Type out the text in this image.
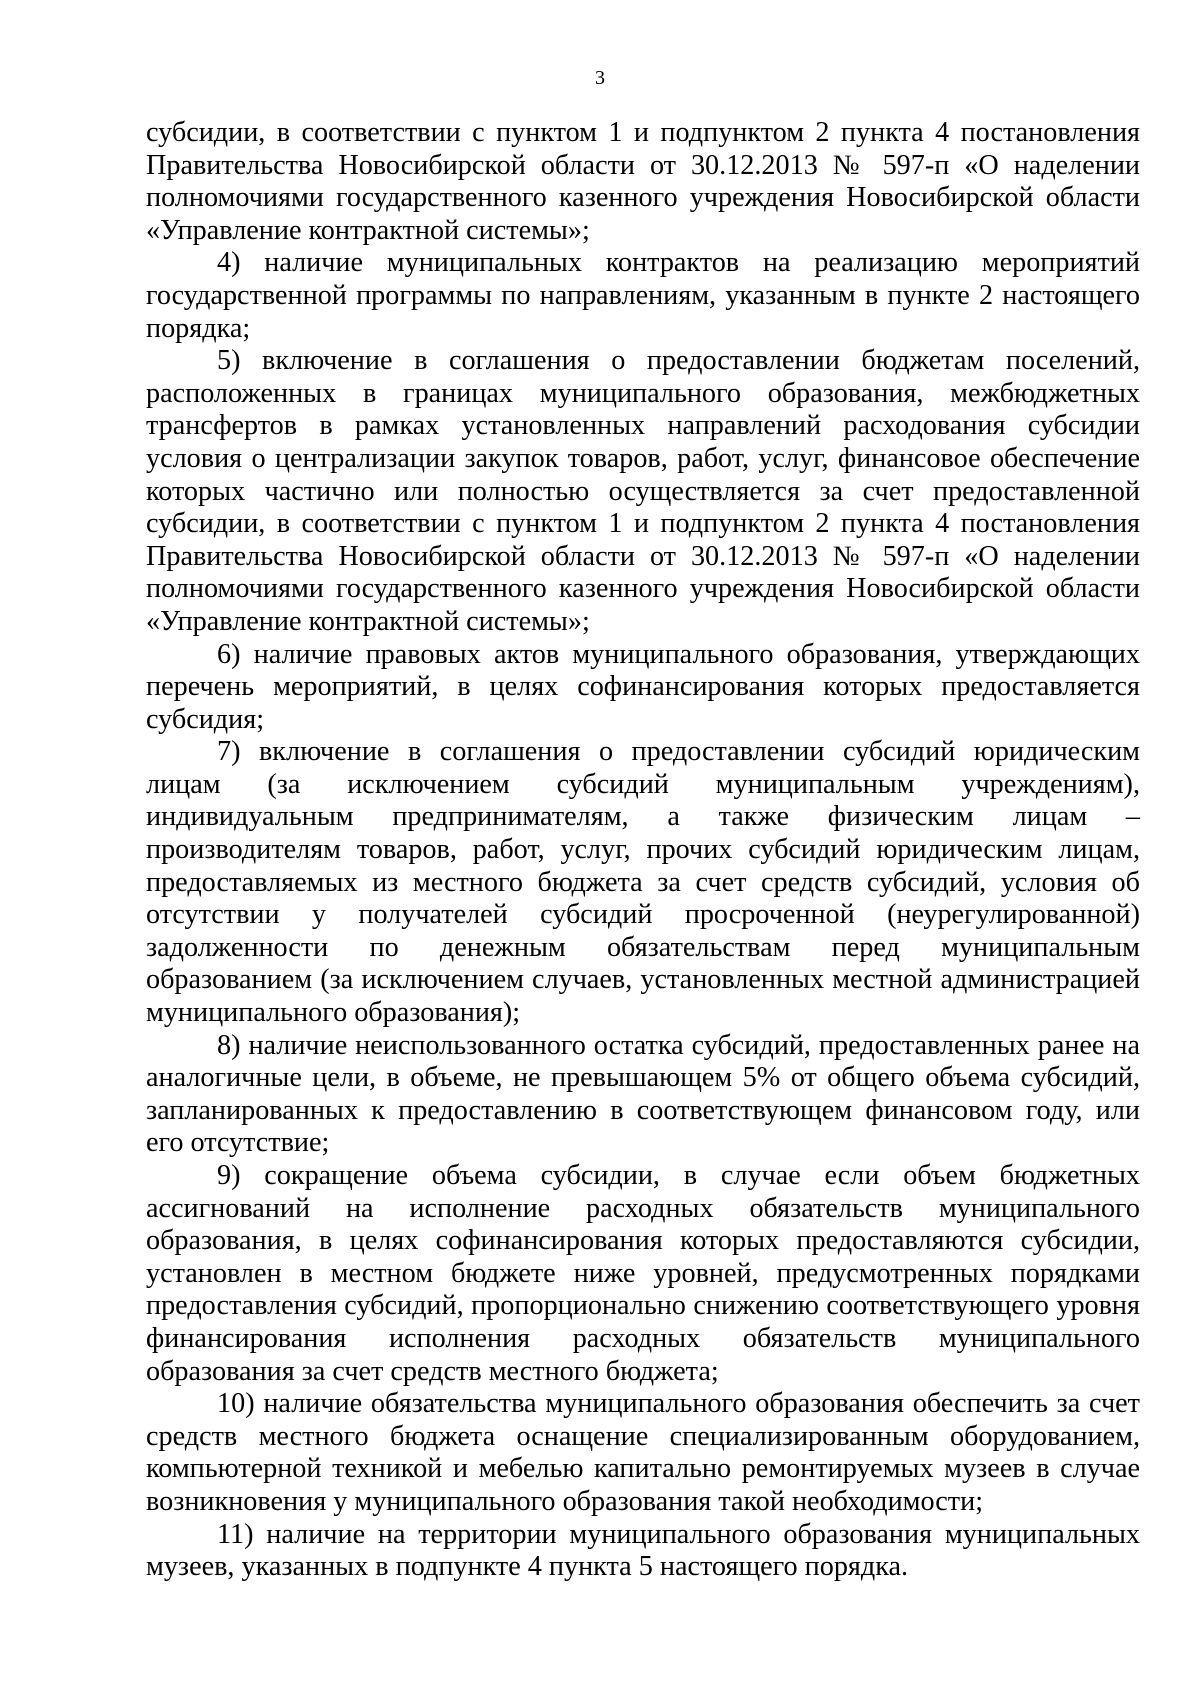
3

субсидии, в соответствии с пунктом 1 и подпунктом 2 пункта 4 постановления Правительства Новосибирской области от 30.12.2013 № 597-п «О наделении полномочиями государственного казенного учреждения Новосибирской области «Управление контрактной системы»;

4) наличие муниципальных контрактов на реализацию мероприятий государственной программы по направлениям, указанным в пункте 2 настоящего порядка;

5) включение в соглашения о предоставлении бюджетам поселений, расположенных в границах муниципального образования, межбюджетных трансфертов в рамках установленных направлений расходования субсидии условия о централизации закупок товаров, работ, услуг, финансовое обеспечение которых частично или полностью осуществляется за счет предоставленной субсидии, в соответствии с пунктом 1 и подпунктом 2 пункта 4 постановления Правительства Новосибирской области от 30.12.2013 № 597-п «О наделении полномочиями государственного казенного учреждения Новосибирской области «Управление контрактной системы»;

6) наличие правовых актов муниципального образования, утверждающих перечень мероприятий, в целях софинансирования которых предоставляется субсидия;

7) включение в соглашения о предоставлении субсидий юридическим лицам (за исключением субсидий муниципальным учреждениям), индивидуальным предпринимателям, а также физическим лицам – производителям товаров, работ, услуг, прочих субсидий юридическим лицам, предоставляемых из местного бюджета за счет средств субсидий, условия об отсутствии у получателей субсидий просроченной (неурегулированной) задолженности по денежным обязательствам перед муниципальным образованием (за исключением случаев, установленных местной администрацией муниципального образования);

8) наличие неиспользованного остатка субсидий, предоставленных ранее на аналогичные цели, в объеме, не превышающем 5% от общего объема субсидий, запланированных к предоставлению в соответствующем финансовом году, или его отсутствие;

9) сокращение объема субсидии, в случае если объем бюджетных ассигнований на исполнение расходных обязательств муниципального образования, в целях софинансирования которых предоставляются субсидии, установлен в местном бюджете ниже уровней, предусмотренных порядками предоставления субсидий, пропорционально снижению соответствующего уровня финансирования исполнения расходных обязательств муниципального образования за счет средств местного бюджета;

10) наличие обязательства муниципального образования обеспечить за счет средств местного бюджета оснащение специализированным оборудованием, компьютерной техникой и мебелью капитально ремонтируемых музеев в случае возникновения у муниципального образования такой необходимости;

11) наличие на территории муниципального образования муниципальных музеев, указанных в подпункте 4 пункта 5 настоящего порядка.
